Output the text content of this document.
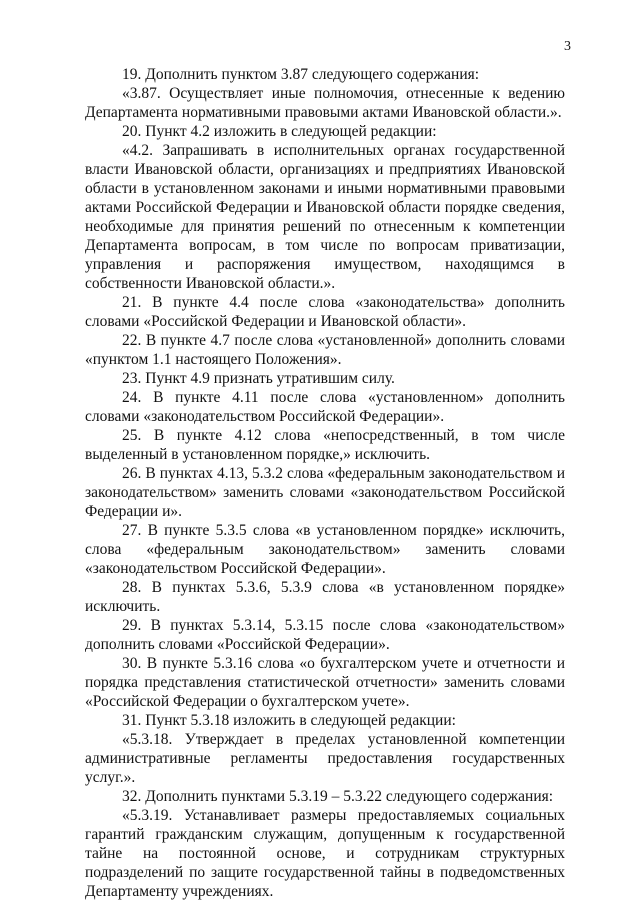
3

19. Дополнить пунктом 3.87 следующего содержания:

«3.87. Осуществляет иные полномочия, отнесенные к ведению Департамента нормативными правовыми актами Ивановской области.».

20. Пункт 4.2 изложить в следующей редакции:

«4.2. Запрашивать в исполнительных органах государственной власти Ивановской области, организациях и предприятиях Ивановской области в установленном законами и иными нормативными правовыми актами Российской Федерации и Ивановской области порядке сведения, необходимые для принятия решений по отнесенным к компетенции Департамента вопросам, в том числе по вопросам приватизации, управления и распоряжения имуществом, находящимся в собственности Ивановской области.».

21. В пункте 4.4 после слова «законодательства» дополнить словами «Российской Федерации и Ивановской области».

22. В пункте 4.7 после слова «установленной» дополнить словами «пунктом 1.1 настоящего Положения».

23. Пункт 4.9 признать утратившим силу.

24. В пункте 4.11 после слова «установленном» дополнить словами «законодательством Российской Федерации».

25. В пункте 4.12 слова «непосредственный, в том числе выделенный в установленном порядке,» исключить.

26. В пунктах 4.13, 5.3.2 слова «федеральным законодательством и законодательством» заменить словами «законодательством Российской Федерации и».

27. В пункте 5.3.5 слова «в установленном порядке» исключить, слова «федеральным законодательством» заменить словами «законодательством Российской Федерации».

28. В пунктах 5.3.6, 5.3.9 слова «в установленном порядке» исключить.

29. В пунктах 5.3.14, 5.3.15 после слова «законодательством» дополнить словами «Российской Федерации».

30. В пункте 5.3.16 слова «о бухгалтерском учете и отчетности и порядка представления статистической отчетности» заменить словами «Российской Федерации о бухгалтерском учете».

31. Пункт 5.3.18 изложить в следующей редакции:

«5.3.18. Утверждает в пределах установленной компетенции административные регламенты предоставления государственных услуг.».

32. Дополнить пунктами 5.3.19 – 5.3.22 следующего содержания:

«5.3.19. Устанавливает размеры предоставляемых социальных гарантий гражданским служащим, допущенным к государственной тайне на постоянной основе, и сотрудникам структурных подразделений по защите государственной тайны в подведомственных Департаменту учреждениях.
